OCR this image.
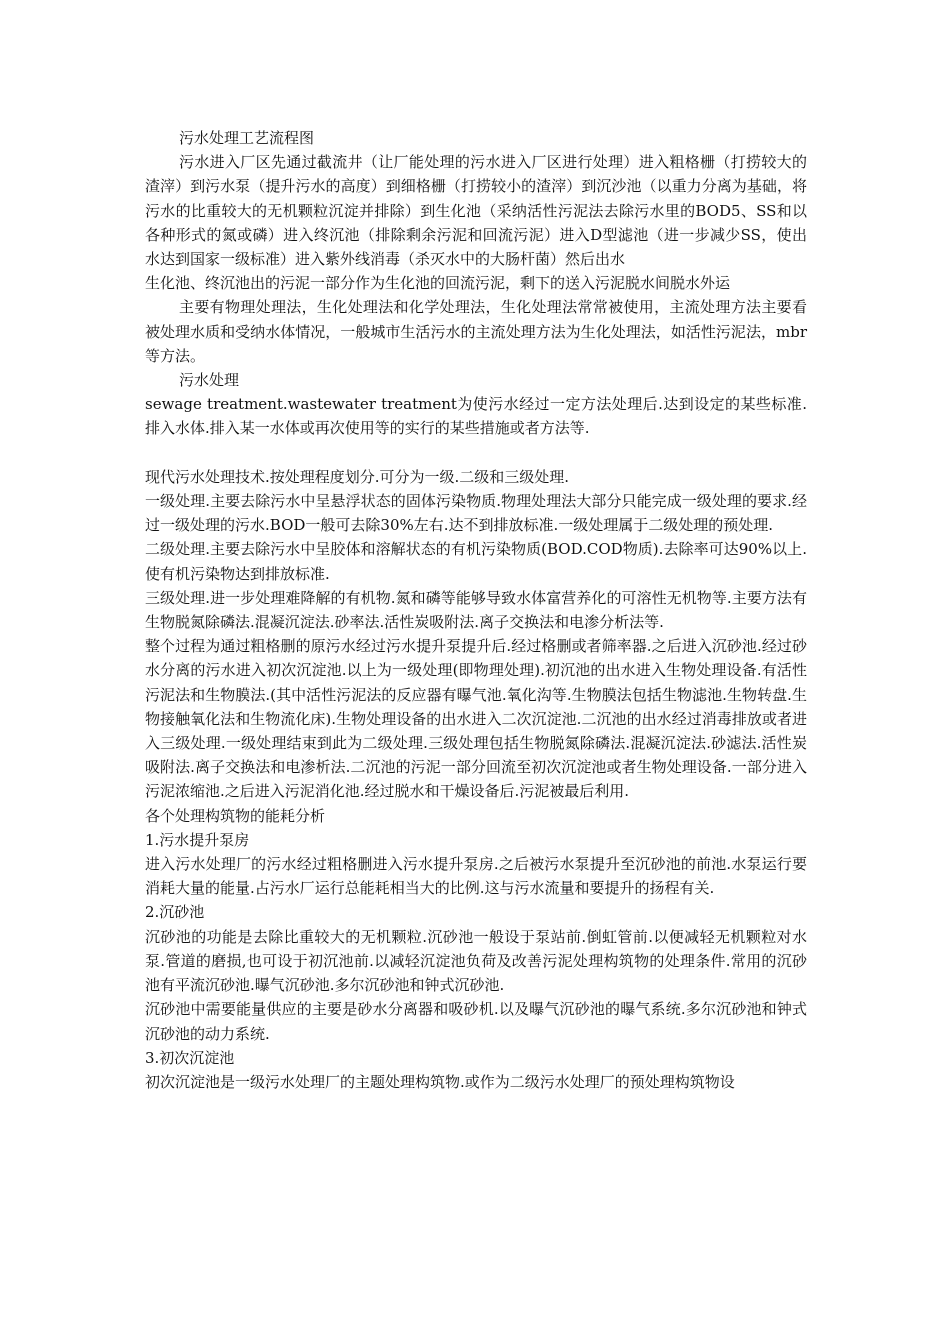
污水处理工艺流程图

污水进入厂区先通过截流井（让厂能处理的污水进入厂区进行处理）进入粗格栅（打捞较大的渣滓）到污水泵（提升污水的高度）到细格栅（打捞较小的渣滓）到沉沙池（以重力分离为基础，将污水的比重较大的无机颗粒沉淀并排除）到生化池（采纳活性污泥法去除污水里的BOD5、SS和以各种形式的氮或磷）进入终沉池（排除剩余污泥和回流污泥）进入D型滤池（进一步减少SS，使出水达到国家一级标准）进入紫外线消毒（杀灭水中的大肠杆菌）然后出水

生化池、终沉池出的污泥一部分作为生化池的回流污泥，剩下的送入污泥脱水间脱水外运

主要有物理处理法，生化处理法和化学处理法，生化处理法常常被使用，主流处理方法主要看被处理水质和受纳水体情况，一般城市生活污水的主流处理方法为生化处理法，如活性污泥法，mbr等方法。

污水处理

sewage treatment.wastewater treatment为使污水经过一定方法处理后.达到设定的某些标准.排入水体.排入某一水体或再次使用等的实行的某些措施或者方法等.

现代污水处理技术.按处理程度划分.可分为一级.二级和三级处理.

一级处理.主要去除污水中呈悬浮状态的固体污染物质.物理处理法大部分只能完成一级处理的要求.经过一级处理的污水.BOD一般可去除30%左右.达不到排放标准.一级处理属于二级处理的预处理.

二级处理.主要去除污水中呈胶体和溶解状态的有机污染物质(BOD.COD物质).去除率可达90%以上.使有机污染物达到排放标准.

三级处理.进一步处理难降解的有机物.氮和磷等能够导致水体富营养化的可溶性无机物等.主要方法有生物脱氮除磷法.混凝沉淀法.砂率法.活性炭吸附法.离子交换法和电渗分析法等.

整个过程为通过粗格删的原污水经过污水提升泵提升后.经过格删或者筛率器.之后进入沉砂池.经过砂水分离的污水进入初次沉淀池.以上为一级处理(即物理处理).初沉池的出水进入生物处理设备.有活性污泥法和生物膜法.(其中活性污泥法的反应器有曝气池.氧化沟等.生物膜法包括生物滤池.生物转盘.生物接触氧化法和生物流化床).生物处理设备的出水进入二次沉淀池.二沉池的出水经过消毒排放或者进入三级处理.一级处理结束到此为二级处理.三级处理包括生物脱氮除磷法.混凝沉淀法.砂滤法.活性炭吸附法.离子交换法和电渗析法.二沉池的污泥一部分回流至初次沉淀池或者生物处理设备.一部分进入污泥浓缩池.之后进入污泥消化池.经过脱水和干燥设备后.污泥被最后利用.

各个处理构筑物的能耗分析

1.污水提升泵房

进入污水处理厂的污水经过粗格删进入污水提升泵房.之后被污水泵提升至沉砂池的前池.水泵运行要消耗大量的能量.占污水厂运行总能耗相当大的比例.这与污水流量和要提升的扬程有关.

2.沉砂池

沉砂池的功能是去除比重较大的无机颗粒.沉砂池一般设于泵站前.倒虹管前.以便减轻无机颗粒对水泵.管道的磨损,也可设于初沉池前.以减轻沉淀池负荷及改善污泥处理构筑物的处理条件.常用的沉砂池有平流沉砂池.曝气沉砂池.多尔沉砂池和钟式沉砂池.

沉砂池中需要能量供应的主要是砂水分离器和吸砂机.以及曝气沉砂池的曝气系统.多尔沉砂池和钟式沉砂池的动力系统.

3.初次沉淀池

初次沉淀池是一级污水处理厂的主题处理构筑物.或作为二级污水处理厂的预处理构筑物设
